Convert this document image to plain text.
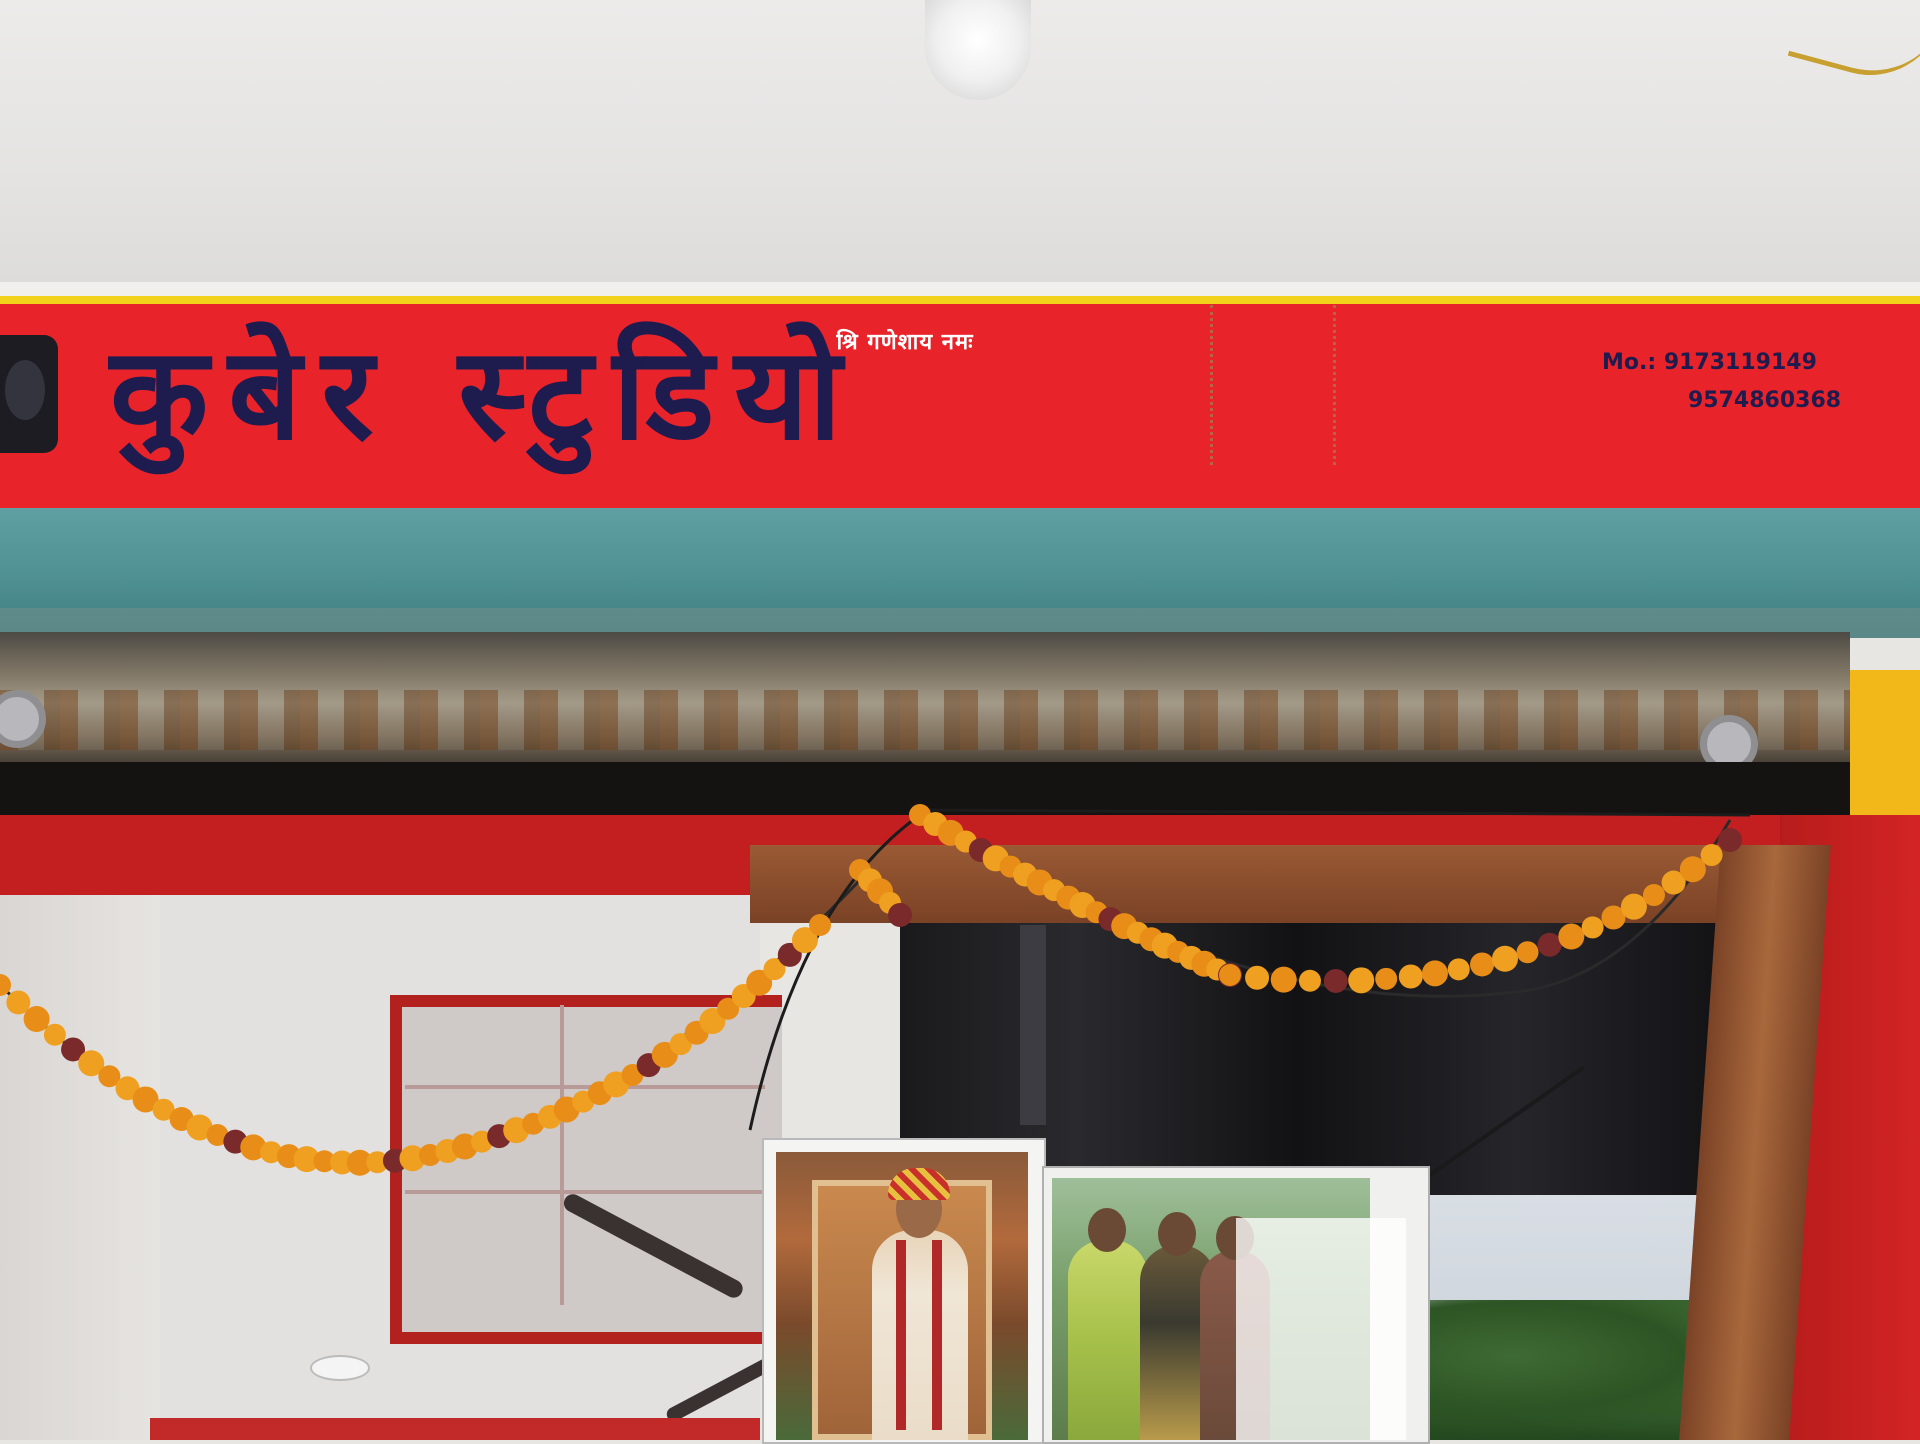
श्रि गणेशाय नमः
कुबेर स्टुडियो	Mo.: 9173119149
9574860368
